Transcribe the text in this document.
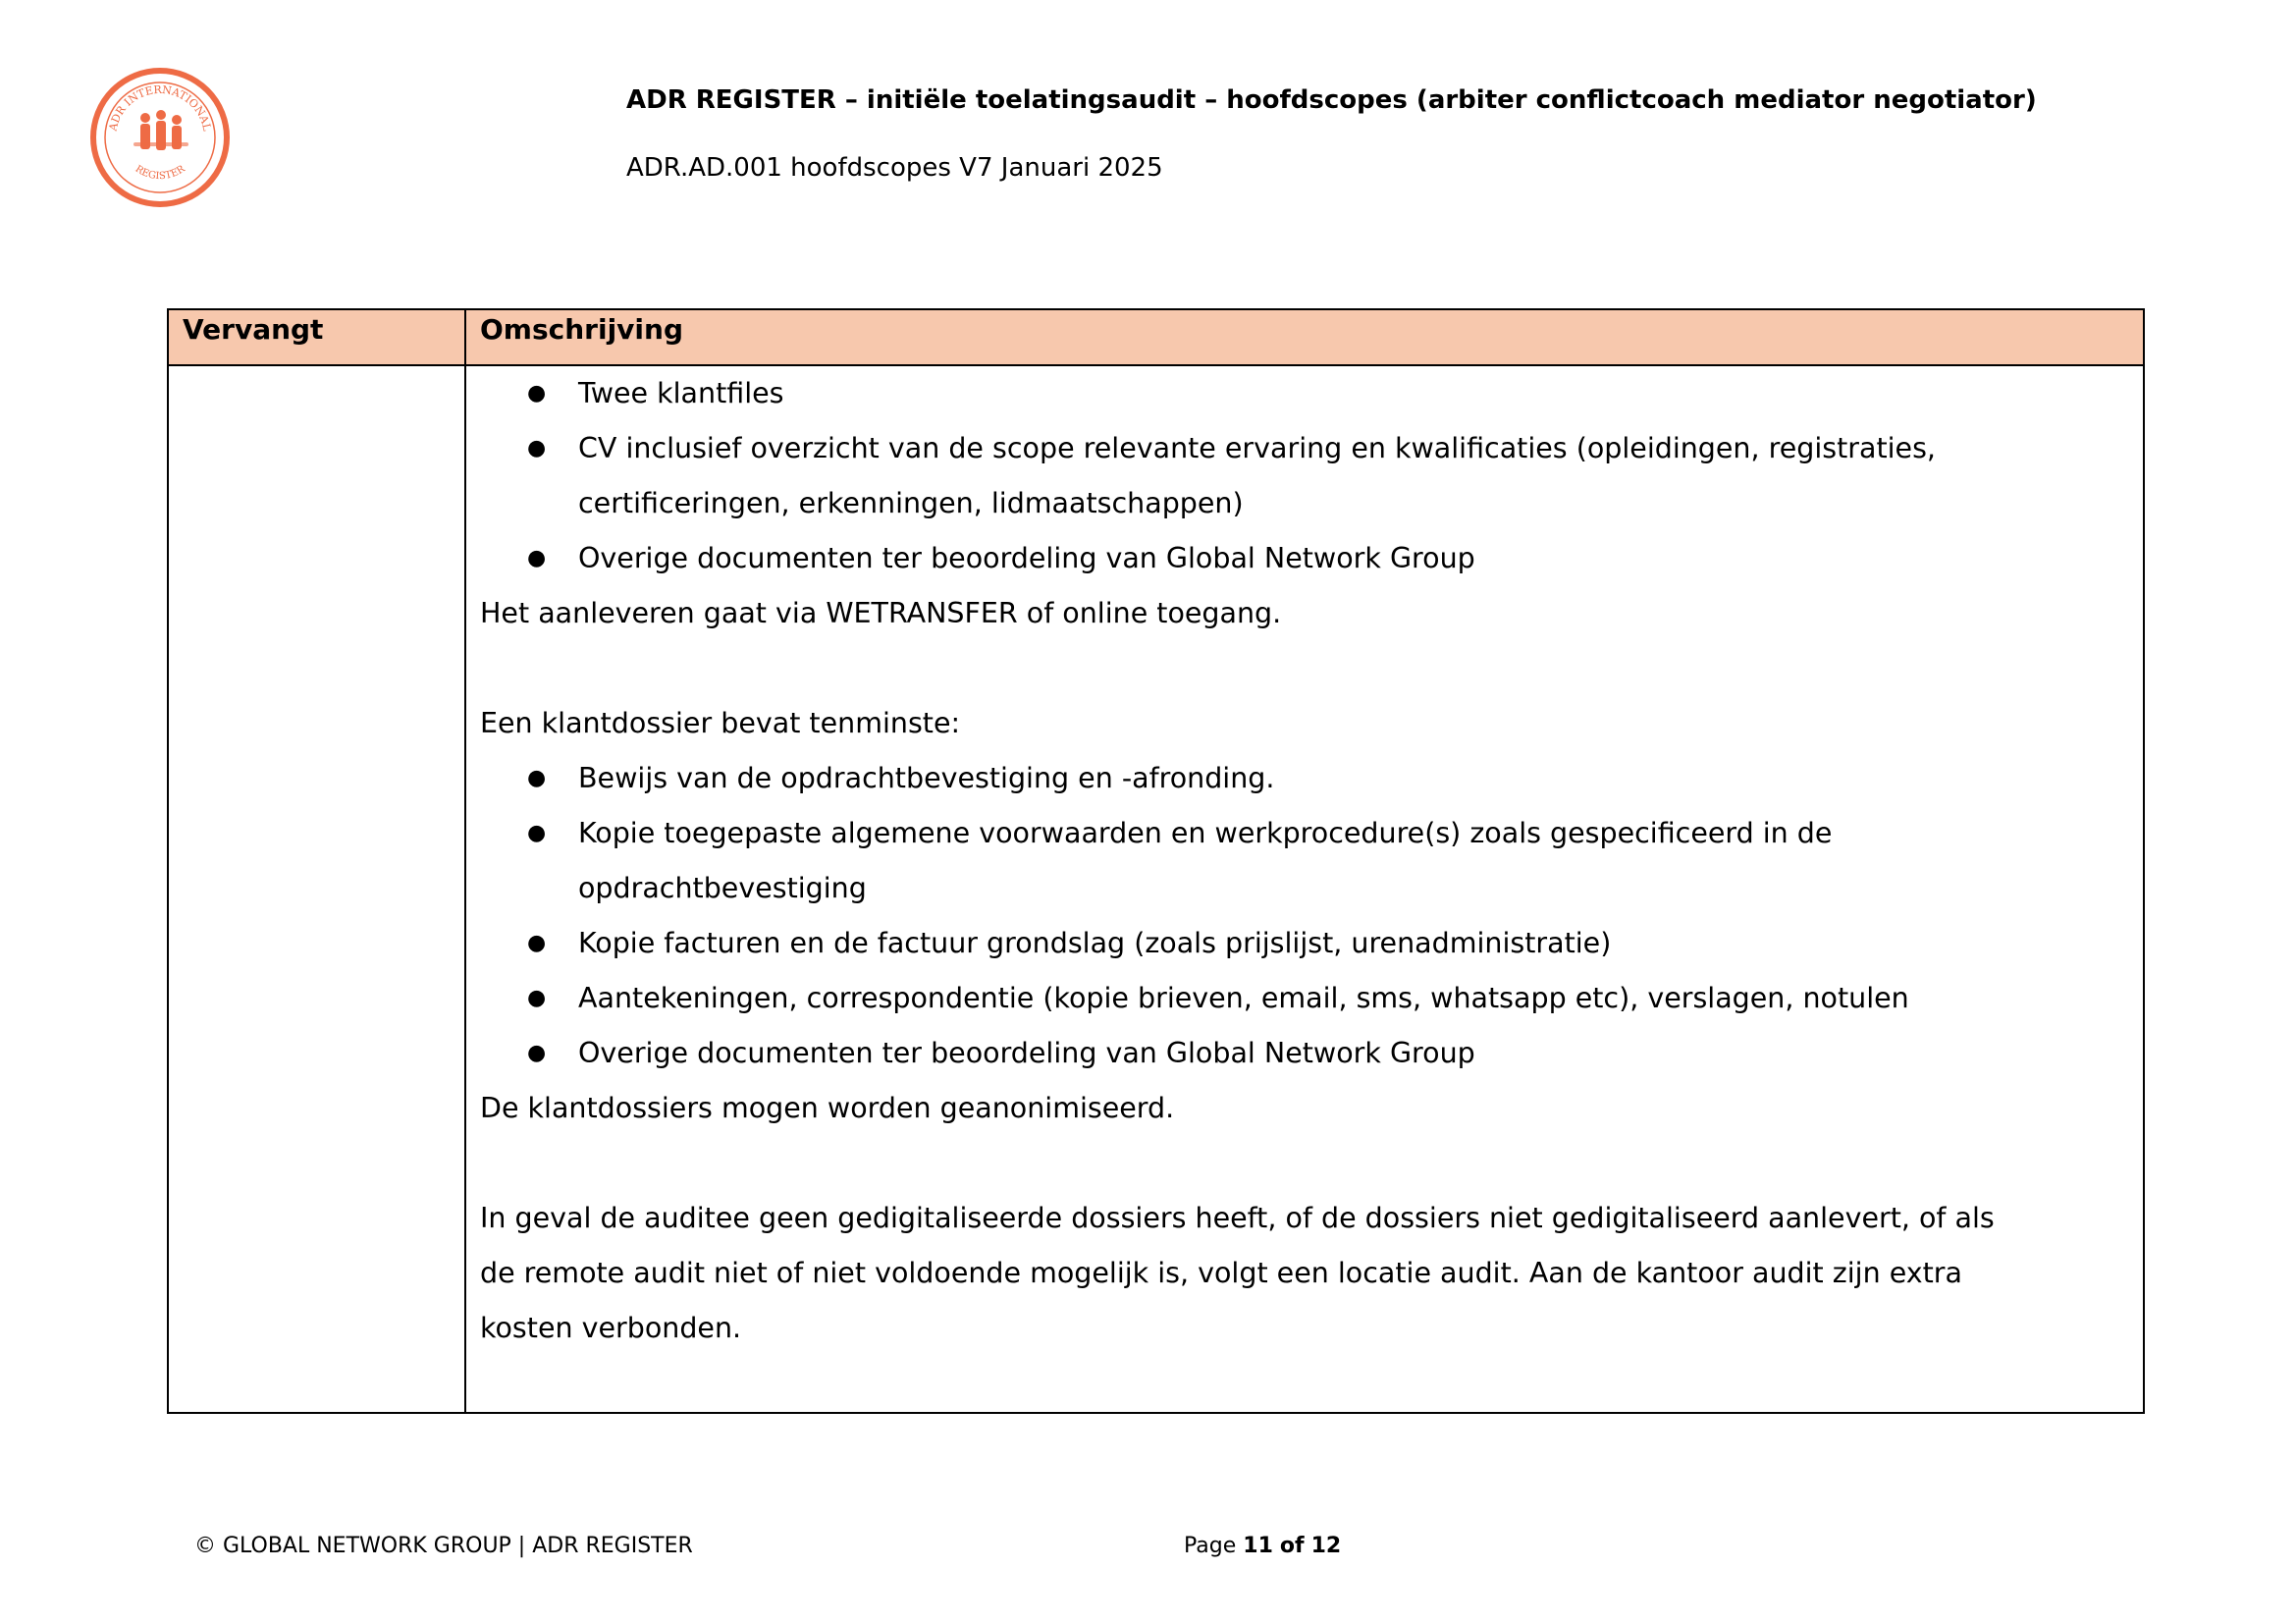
ADR INTERNATIONAL
REGISTER
ADR REGISTER – initiële toelatingsaudit – hoofdscopes (arbiter conflictcoach mediator negotiator)
ADR.AD.001 hoofdscopes V7 Januari 2025
Vervangt	Omschrijving
● Twee klantfiles
● CV inclusief overzicht van de scope relevante ervaring en kwalificaties (opleidingen, registraties,
certificeringen, erkenningen, lidmaatschappen)
● Overige documenten ter beoordeling van Global Network Group

Het aanleveren gaat via WETRANSFER of online toegang.

Een klantdossier bevat tenminste:

● Bewijs van de opdrachtbevestiging en -afronding.
● Kopie toegepaste algemene voorwaarden en werkprocedure(s) zoals gespecificeerd in de
opdrachtbevestiging
● Kopie facturen en de factuur grondslag (zoals prijslijst, urenadministratie)
● Aantekeningen, correspondentie (kopie brieven, email, sms, whatsapp etc), verslagen, notulen
● Overige documenten ter beoordeling van Global Network Group

De klantdossiers mogen worden geanonimiseerd.

In geval de auditee geen gedigitaliseerde dossiers heeft, of de dossiers niet gedigitaliseerd aanlevert, of als

de remote audit niet of niet voldoende mogelijk is, volgt een locatie audit. Aan de kantoor audit zijn extra

kosten verbonden.

© GLOBAL NETWORK GROUP | ADR REGISTER	Page 11 of 12
